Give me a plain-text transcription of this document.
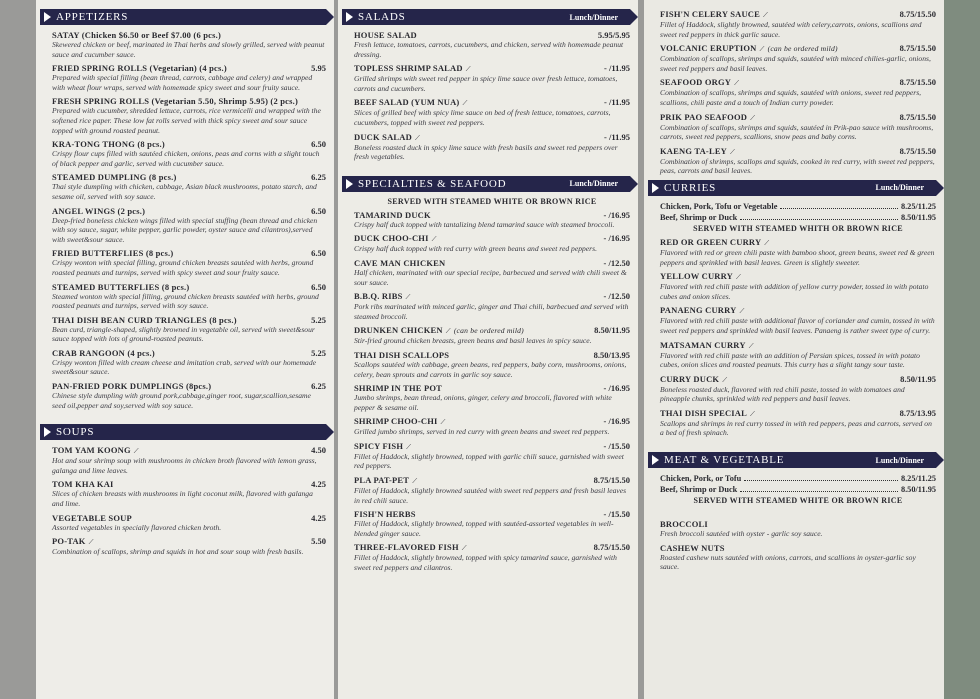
APPETIZERS
SATAY (Chicken $6.50 or Beef $7.00 (6 pcs.)
Skewered chicken or beef, marinated in Thai herbs and slowly grilled, served with peanut sauce and cucumber sauce.
FRIED SPRING ROLLS (Vegetarian) (4 pcs.)	5.95
Prepared with special filling (bean thread, carrots, cabbage and celery) and wrapped with wheat flour wraps, served with homemade spicy sweet and sour fruity sauce.
FRESH SPRING ROLLS (Vegetarian 5.50, Shrimp 5.95) (2 pcs.)
Prepared with cucumber, shredded lettuce, carrots, rice vermicelli and wrapped with the softened rice paper. These low fat rolls served with thick spicy sweet and sour sauce topped with ground roasted peanut.
KRA-TONG THONG (8 pcs.)	6.50
Crispy flour cups filled with sautéed chicken, onions, peas and corns with a slight touch of black pepper and garlic, served with cucumber sauce.
STEAMED DUMPLING (8 pcs.)	6.25
Thai style dumpling with chicken, cabbage, Asian black mushrooms, potato starch, and sesame oil, served with soy sauce.
ANGEL WINGS (2 pcs.)	6.50
Deep-fried boneless chicken wings filled with special stuffing (bean thread and chicken with soy sauce, sugar, white pepper, garlic powder, oyster sauce and cilantros),served with sweet&sour sauce.
FRIED BUTTERFLIES (8 pcs.)	6.50
Crispy wonton with special filling, ground chicken breasts sautéed with herbs, ground roasted peanuts and turnips, served with spicy sweet and sour fruity sauce.
STEAMED BUTTERFLIES (8 pcs.)	6.50
Steamed wonton with special filling, ground chicken breasts sautéed with herbs, ground roasted peanuts and turnips, served with soy sauce.
THAI DISH BEAN CURD TRIANGLES (8 pcs.)	5.25
Bean curd, triangle-shaped, slightly browned in vegetable oil, served with sweet&sour sauce topped with lots of ground-roasted peanuts.
CRAB RANGOON (4 pcs.)	5.25
Crispy wonton filled with cream cheese and imitation crab, served with our homemade sweet&sour sauce.
PAN-FRIED PORK DUMPLINGS (8pcs.)	6.25
Chinese style dumpling with ground pork,cabbage,ginger root, sugar,scallion,sesame seed oil,pepper and soy,served with soy sauce.
SOUPS
TOM YAM KOONG ⟋	4.50
Hot and sour shrimp soup with mushrooms in chicken broth flavored with lemon grass, galanga and lime leaves.
TOM KHA KAI	4.25
Slices of chicken breasts with mushrooms in light coconut milk, flavored with galanga and lime.
VEGETABLE SOUP	4.25
Assorted vegetables in specially flavored chicken broth.
PO-TAK ⟋	5.50
Combination of scallops, shrimp and squids in hot and sour soup with fresh basils.
SALADS	Lunch/Dinner
HOUSE SALAD	5.95/5.95
Fresh lettuce, tomatoes, carrots, cucumbers, and chicken, served with homemade peanut dressing.
TOPLESS SHRIMP SALAD ⟋	- /11.95
Grilled shrimps with sweet red pepper in spicy lime sauce over fresh lettuce, tomatoes, carrots and cucumbers.
BEEF SALAD (YUM NUA) ⟋	- /11.95
Slices of grilled beef with spicy lime sauce on bed of fresh lettuce, tomatoes, carrots, cucumbers, topped with sweet red peppers.
DUCK SALAD ⟋	- /11.95
Boneless roasted duck in spicy lime sauce with fresh basils and sweet red peppers over fresh vegetables.
SPECIALTIES & SEAFOOD	Lunch/Dinner
SERVED WITH STEAMED WHITE OR BROWN RICE
TAMARIND DUCK	- /16.95
Crispy half duck topped with tantalizing blend tamarind sauce with steamed broccoli.
DUCK CHOO-CHI ⟋	- /16.95
Crispy half duck topped with red curry with green beans and sweet red peppers.
CAVE MAN CHICKEN	- /12.50
Half chicken, marinated with our special recipe, barbecued and served with chili sweet & sour sauce.
B.B.Q. RIBS ⟋	- /12.50
Pork ribs marinated with minced garlic, ginger and Thai chili, barbecued and served with steamed broccoli.
DRUNKEN CHICKEN ⟋ (can be ordered mild)	8.50/11.95
Stir-fried ground chicken breasts, green beans and basil leaves in spicy sauce.
THAI DISH SCALLOPS	8.50/13.95
Scallops sautéed with cabbage, green beans, red peppers, baby corn, mushrooms, onions, celery, bean sprouts and carrots in garlic soy sauce.
SHRIMP IN THE POT	- /16.95
Jumbo shrimps, bean thread, onions, ginger, celery and broccoli, flavored with white pepper & sesame oil.
SHRIMP CHOO-CHI ⟋	- /16.95
Grilled jumbo shrimps, served in red curry with green beans and sweet red peppers.
SPICY FISH ⟋	- /15.50
Fillet of Haddock, slightly browned, topped with garlic chili sauce, garnished with sweet red peppers.
PLA PAT-PET ⟋	8.75/15.50
Fillet of Haddock, slightly browned sautéed with sweet red peppers and fresh basil leaves in red chili sauce.
FISH'N HERBS	- /15.50
Fillet of Haddock, slightly browned, topped with sautéed-assorted vegetables in well-blended ginger sauce.
THREE-FLAVORED FISH ⟋	8.75/15.50
Fillet of Haddock, slightly browned, topped with spicy tamarind sauce, garnished with sweet red peppers and cilantros.
FISH'N CELERY SAUCE ⟋	8.75/15.50
Fillet of Haddock, slightly browned, sautéed with celery,carrots, onions, scallions and sweet red peppers in thick garlic sauce.
VOLCANIC ERUPTION ⟋ (can be ordered mild)	8.75/15.50
Combination of scallops, shrimps and squids, sautéed with minced chilies-garlic, onions, sweet red peppers and basil leaves.
SEAFOOD ORGY ⟋	8.75/15.50
Combination of scallops, shrimps and squids, sautéed with onions, sweet red peppers, scallions, chili paste and a touch of Indian curry powder.
PRIK PAO SEAFOOD ⟋	8.75/15.50
Combination of scallops, shrimps and squids, sautéed in Prik-pao sauce with mushrooms, carrots, sweet red peppers, scallions, snow peas and baby corns.
KAENG TA-LEY ⟋	8.75/15.50
Combination of shrimps, scallops and squids, cooked in red curry, with sweet red peppers, peas, carrots and basil leaves.
CURRIES	Lunch/Dinner
Chicken, Pork, Tofu or Vegetable	8.25/11.25
Beef, Shrimp or Duck	8.50/11.95
SERVED WITH STEAMED WHITH OR BROWN RICE
RED OR GREEN CURRY ⟋
Flavored with red or green chili paste with bamboo shoot, green beans, sweet red & green peppers and sprinkled with basil leaves. Green is slightly sweeter.
YELLOW CURRY ⟋
Flavored with red chili paste with addition of yellow curry powder, tossed in with potato cubes and onion slices.
PANAENG CURRY ⟋
Flavored with red chili paste with additional flavor of coriander and cumin, tossed in with sweet red peppers and sprinkled with basil leaves. Panaeng is rather sweet type of curry.
MATSAMAN CURRY ⟋
Flavored with red chili paste with an addition of Persian spices, tossed in with potato cubes, onion slices and roasted peanuts. This curry has a slight tangy sour taste.
CURRY DUCK ⟋	8.50/11.95
Boneless roasted duck, flavored with red chili paste, tossed in with tomatoes and pineapple chunks, sprinkled with red peppers and basil leaves.
THAI DISH SPECIAL ⟋	8.75/13.95
Scallops and shrimps in red curry tossed in with red peppers, peas and carrots, served on a bed of fresh spinach.
MEAT & VEGETABLE	Lunch/Dinner
Chicken, Pork, or Tofu	8.25/11.25
Beef, Shrimp or Duck	8.50/11.95
SERVED WITH STEAMED WHITE OR BROWN RICE
BROCCOLI
Fresh broccoli sautéed with oyster - garlic soy sauce.
CASHEW NUTS
Roasted cashew nuts sautéed with onions, carrots, and scallions in oyster-garlic soy sauce.
